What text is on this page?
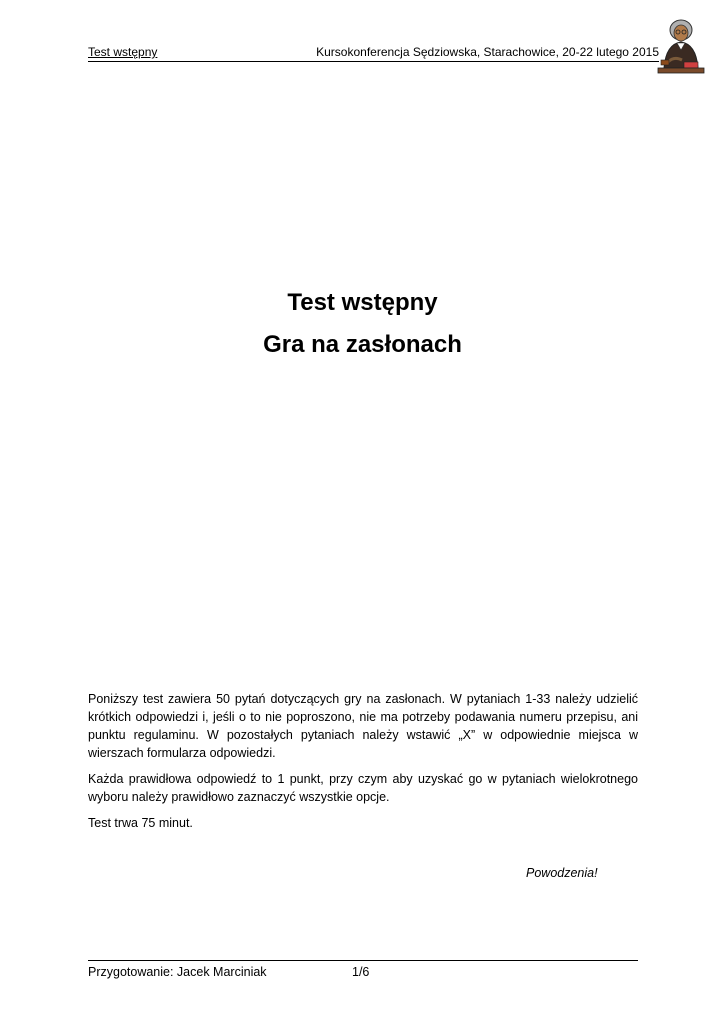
Test wstępny	Kursokonferencja Sędziowska, Starachowice, 20-22 lutego 2015
Test wstępny
Gra na zasłonach

Poniższy test zawiera 50 pytań dotyczących gry na zasłonach. W pytaniach 1-33 należy udzielić krótkich odpowiedzi i, jeśli o to nie poproszono, nie ma potrzeby podawania numeru przepisu, ani punktu regulaminu. W pozostałych pytaniach należy wstawić „X” w odpowiednie miejsca w wierszach formularza odpowiedzi.

Każda prawidłowa odpowiedź to 1 punkt, przy czym aby uzyskać go w pytaniach wielokrotnego wyboru należy prawidłowo zaznaczyć wszystkie opcje.

Test trwa 75 minut.

Powodzenia!
Przygotowanie: Jacek Marciniak	1/6
